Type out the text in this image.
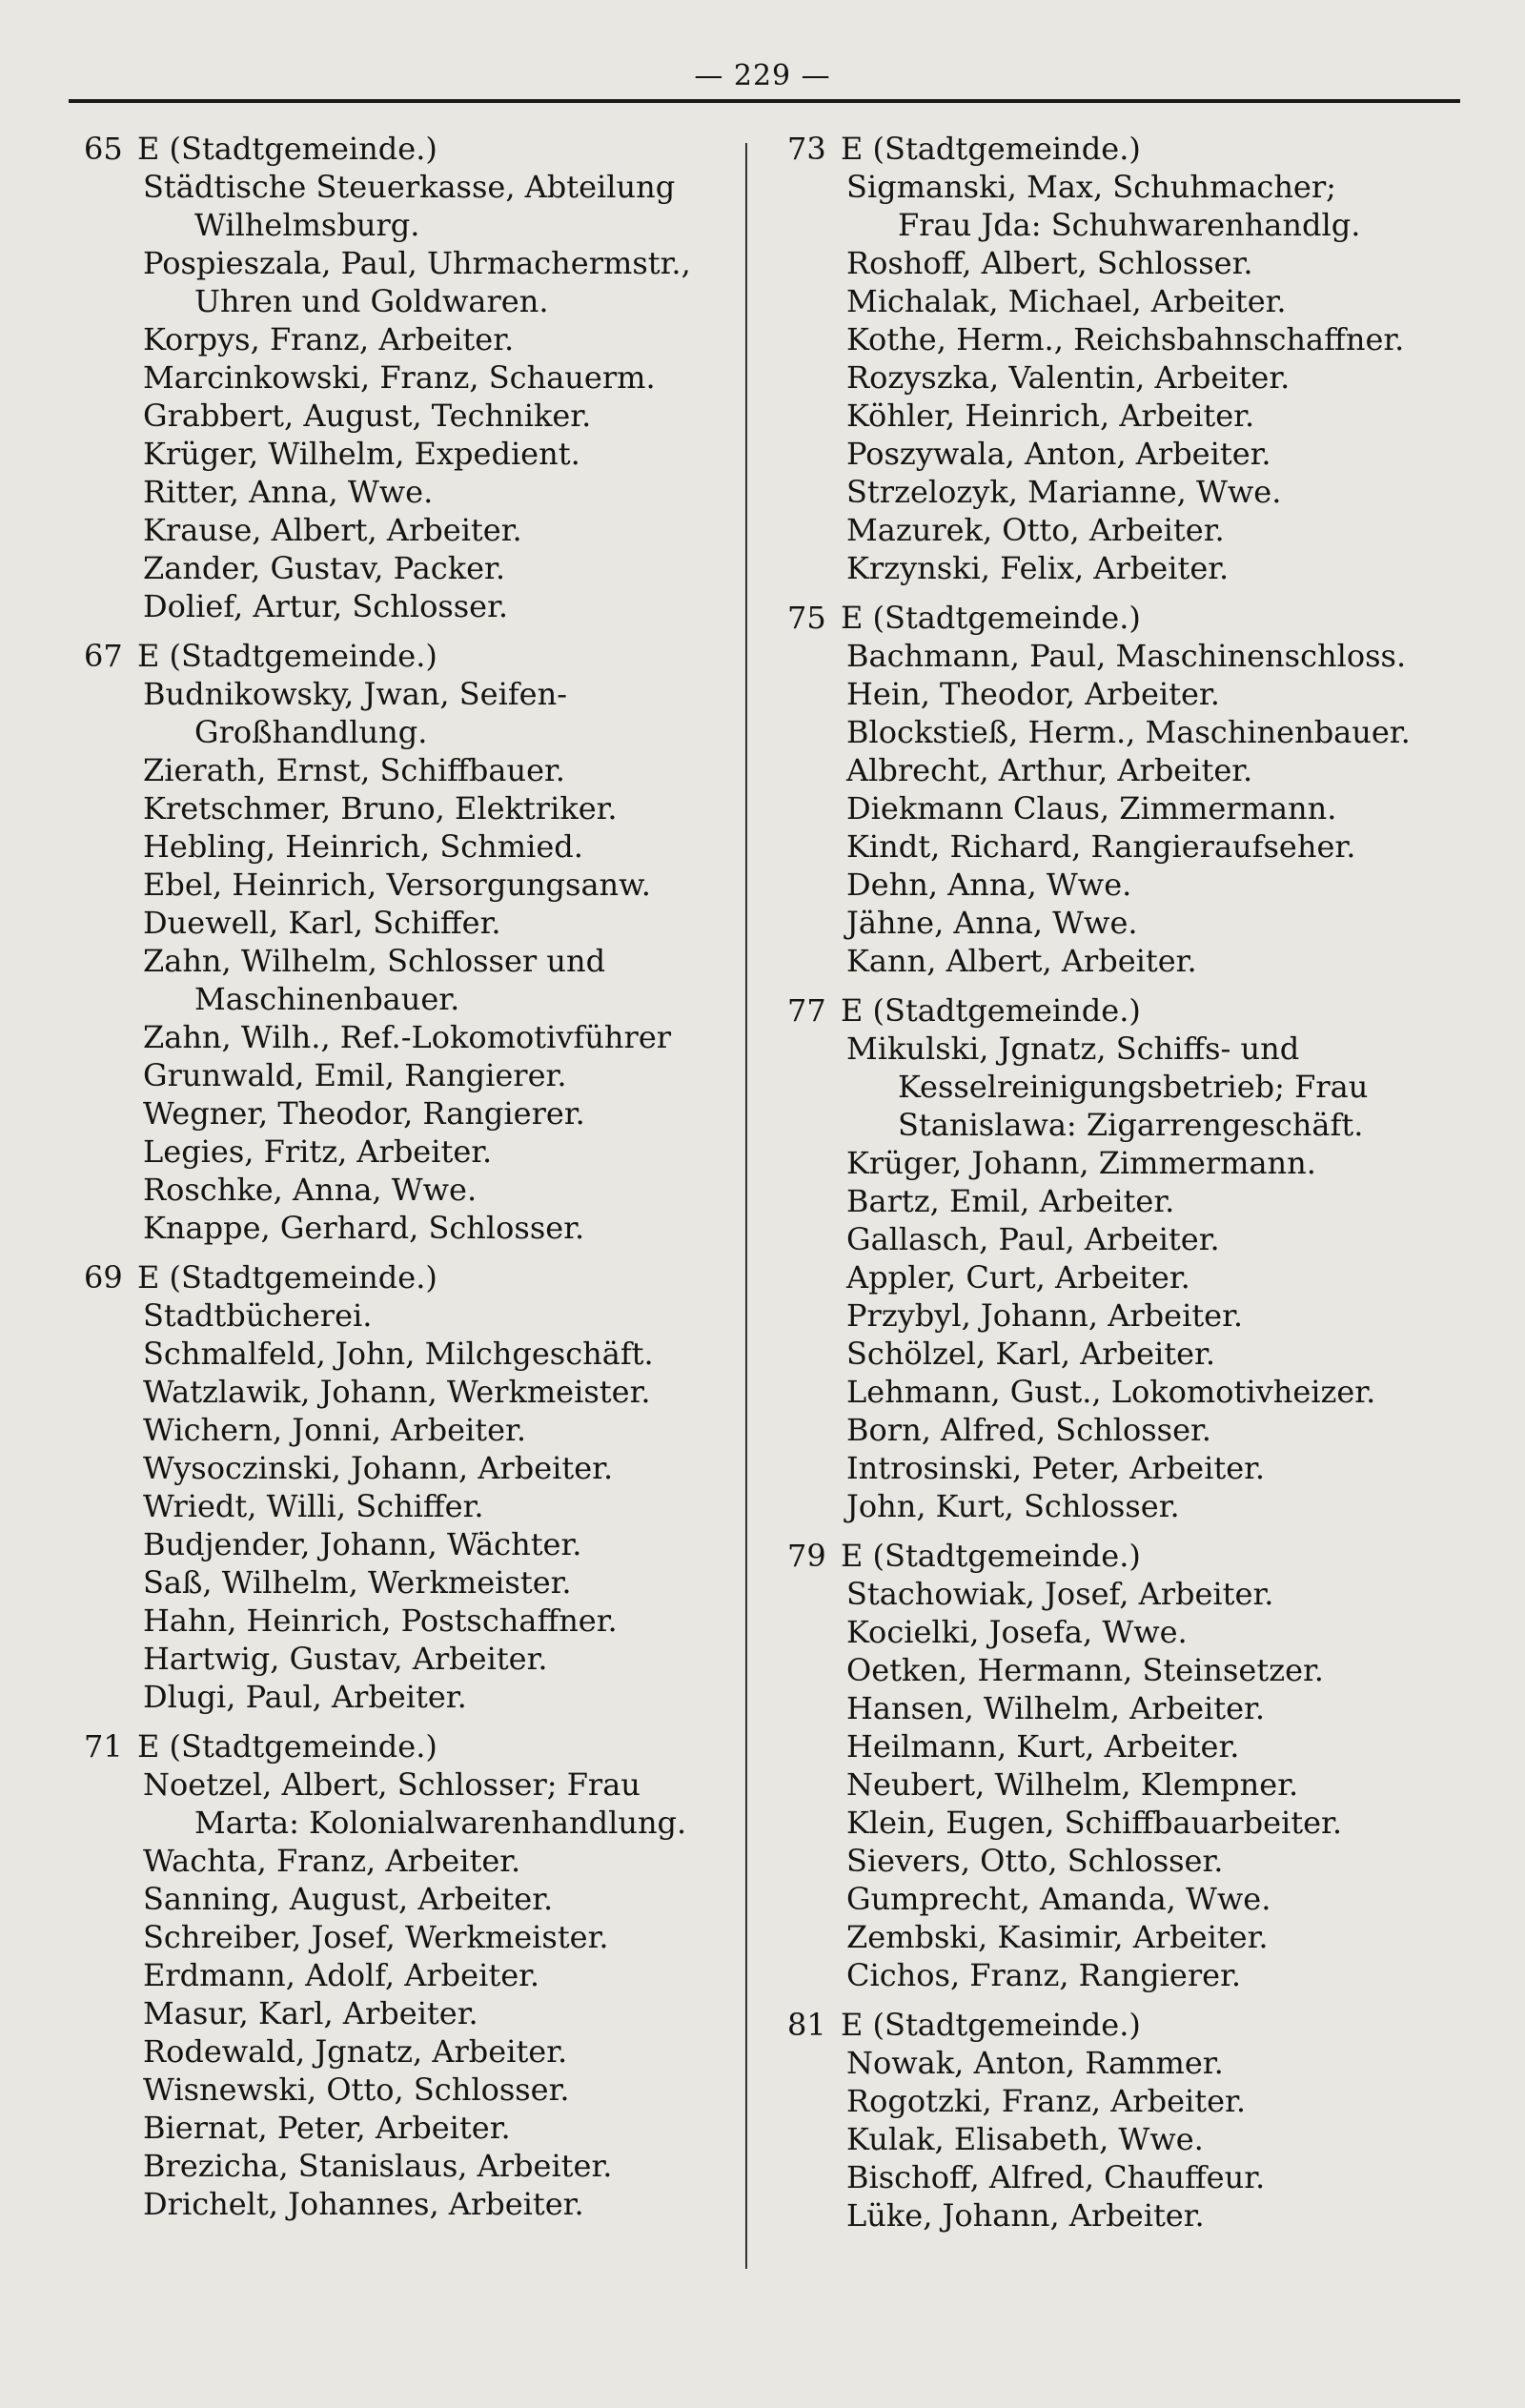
— 229 —
65 E (Stadtgemeinde.)
Städtische Steuerkasse, Abteilung
Wilhelmsburg.
Pospieszala, Paul, Uhrmachermstr.,
Uhren und Goldwaren.
Korpys, Franz, Arbeiter.
Marcinkowski, Franz, Schauerm.
Grabbert, August, Techniker.
Krüger, Wilhelm, Expedient.
Ritter, Anna, Wwe.
Krause, Albert, Arbeiter.
Zander, Gustav, Packer.
Dolief, Artur, Schlosser.
67 E (Stadtgemeinde.)
Budnikowsky, Jwan, Seifen-
Großhandlung.
Zierath, Ernst, Schiffbauer.
Kretschmer, Bruno, Elektriker.
Hebling, Heinrich, Schmied.
Ebel, Heinrich, Versorgungsanw.
Duewell, Karl, Schiffer.
Zahn, Wilhelm, Schlosser und
Maschinenbauer.
Zahn, Wilh., Ref.-Lokomotivführer
Grunwald, Emil, Rangierer.
Wegner, Theodor, Rangierer.
Legies, Fritz, Arbeiter.
Roschke, Anna, Wwe.
Knappe, Gerhard, Schlosser.
69 E (Stadtgemeinde.)
Stadtbücherei.
Schmalfeld, John, Milchgeschäft.
Watzlawik, Johann, Werkmeister.
Wichern, Jonni, Arbeiter.
Wysoczinski, Johann, Arbeiter.
Wriedt, Willi, Schiffer.
Budjender, Johann, Wächter.
Saß, Wilhelm, Werkmeister.
Hahn, Heinrich, Postschaffner.
Hartwig, Gustav, Arbeiter.
Dlugi, Paul, Arbeiter.
71 E (Stadtgemeinde.)
Noetzel, Albert, Schlosser; Frau
Marta: Kolonialwarenhandlung.
Wachta, Franz, Arbeiter.
Sanning, August, Arbeiter.
Schreiber, Josef, Werkmeister.
Erdmann, Adolf, Arbeiter.
Masur, Karl, Arbeiter.
Rodewald, Jgnatz, Arbeiter.
Wisnewski, Otto, Schlosser.
Biernat, Peter, Arbeiter.
Brezicha, Stanislaus, Arbeiter.
Drichelt, Johannes, Arbeiter.
73 E (Stadtgemeinde.)
Sigmanski, Max, Schuhmacher;
Frau Jda: Schuhwarenhandlg.
Roshoff, Albert, Schlosser.
Michalak, Michael, Arbeiter.
Kothe, Herm., Reichsbahnschaffner.
Rozyszka, Valentin, Arbeiter.
Köhler, Heinrich, Arbeiter.
Poszywala, Anton, Arbeiter.
Strzelozyk, Marianne, Wwe.
Mazurek, Otto, Arbeiter.
Krzynski, Felix, Arbeiter.
75 E (Stadtgemeinde.)
Bachmann, Paul, Maschinenschloss.
Hein, Theodor, Arbeiter.
Blockstieß, Herm., Maschinenbauer.
Albrecht, Arthur, Arbeiter.
Diekmann Claus, Zimmermann.
Kindt, Richard, Rangieraufseher.
Dehn, Anna, Wwe.
Jähne, Anna, Wwe.
Kann, Albert, Arbeiter.
77 E (Stadtgemeinde.)
Mikulski, Jgnatz, Schiffs- und
Kesselreinigungsbetrieb; Frau
Stanislawa: Zigarrengeschäft.
Krüger, Johann, Zimmermann.
Bartz, Emil, Arbeiter.
Gallasch, Paul, Arbeiter.
Appler, Curt, Arbeiter.
Przybyl, Johann, Arbeiter.
Schölzel, Karl, Arbeiter.
Lehmann, Gust., Lokomotivheizer.
Born, Alfred, Schlosser.
Introsinski, Peter, Arbeiter.
John, Kurt, Schlosser.
79 E (Stadtgemeinde.)
Stachowiak, Josef, Arbeiter.
Kocielki, Josefa, Wwe.
Oetken, Hermann, Steinsetzer.
Hansen, Wilhelm, Arbeiter.
Heilmann, Kurt, Arbeiter.
Neubert, Wilhelm, Klempner.
Klein, Eugen, Schiffbauarbeiter.
Sievers, Otto, Schlosser.
Gumprecht, Amanda, Wwe.
Zembski, Kasimir, Arbeiter.
Cichos, Franz, Rangierer.
81 E (Stadtgemeinde.)
Nowak, Anton, Rammer.
Rogotzki, Franz, Arbeiter.
Kulak, Elisabeth, Wwe.
Bischoff, Alfred, Chauffeur.
Lüke, Johann, Arbeiter.
